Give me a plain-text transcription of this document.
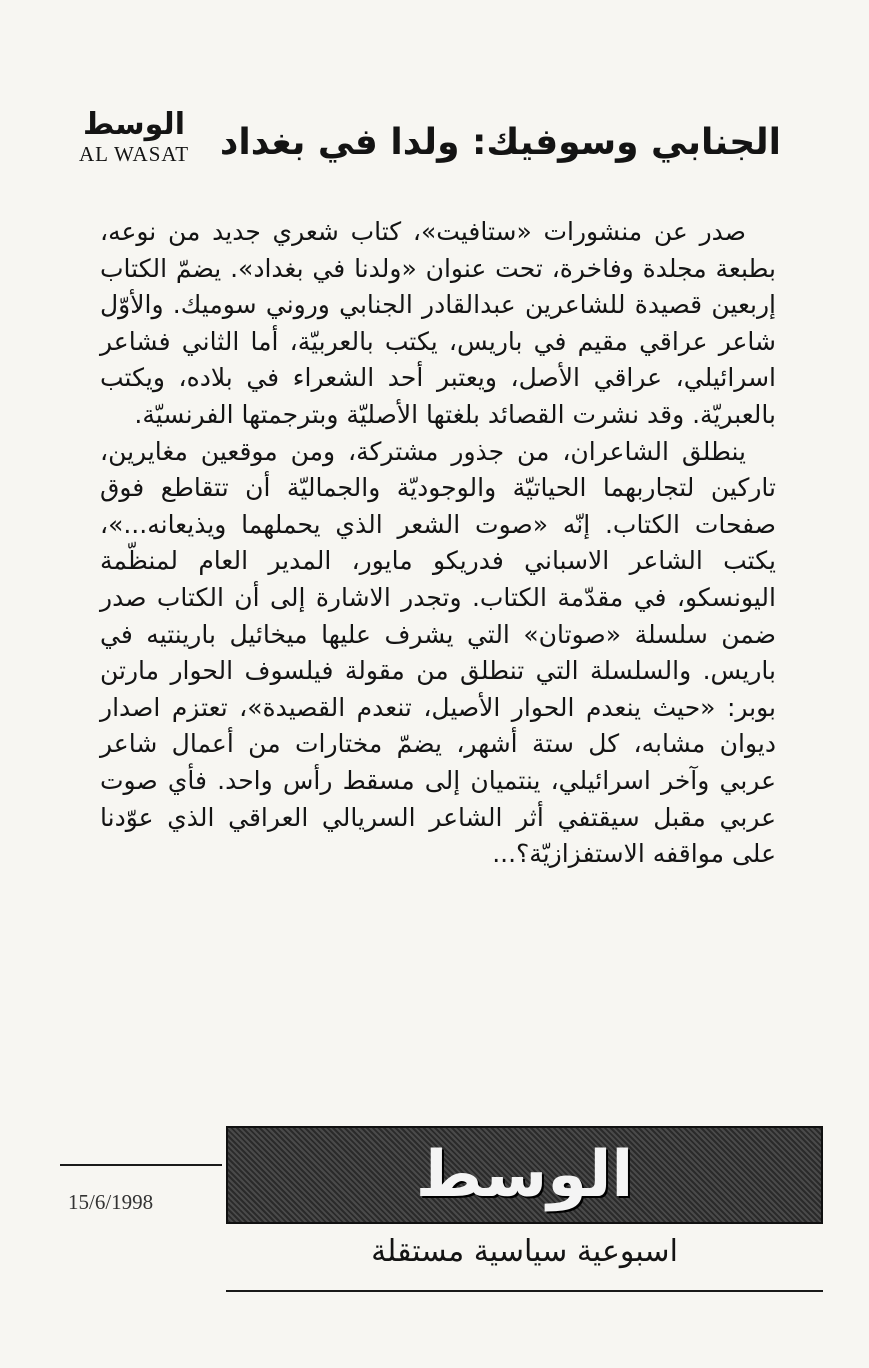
الوسط
AL WASAT الجنابي وسوفيك: ولدا في بغداد

صدر عن منشورات «ستافيت»، كتاب شعري جديد من نوعه، بطبعة مجلدة وفاخرة، تحت عنوان «ولدنا في بغداد». يضمّ الكتاب إربعين قصيدة للشاعرين عبدالقادر الجنابي وروني سوميك. والأوّل شاعر عراقي مقيم في باريس، يكتب بالعربيّة، أما الثاني فشاعر اسرائيلي، عراقي الأصل، ويعتبر أحد الشعراء في بلاده، ويكتب بالعبريّة. وقد نشرت القصائد بلغتها الأصليّة وبترجمتها الفرنسيّة.

ينطلق الشاعران، من جذور مشتركة، ومن موقعين مغايرين، تاركين لتجاربهما الحياتيّة والوجوديّة والجماليّة أن تتقاطع فوق صفحات الكتاب. إنّه «صوت الشعر الذي يحملهما ويذيعانه...»، يكتب الشاعر الاسباني فدريكو مايور، المدير العام لمنظّمة اليونسكو، في مقدّمة الكتاب. وتجدر الاشارة إلى أن الكتاب صدر ضمن سلسلة «صوتان» التي يشرف عليها ميخائيل بارينتيه في باريس. والسلسلة التي تنطلق من مقولة فيلسوف الحوار مارتن بوبر: «حيث ينعدم الحوار الأصيل، تنعدم القصيدة»، تعتزم اصدار ديوان مشابه، كل ستة أشهر، يضمّ مختارات من أعمال شاعر عربي وآخر اسرائيلي، ينتميان إلى مسقط رأس واحد. فأي صوت عربي مقبل سيقتفي أثر الشاعر السريالي العراقي الذي عوّدنا على مواقفه الاستفزازيّة؟...

15/6/1998	الوسط
اسبوعية سياسية مستقلة
